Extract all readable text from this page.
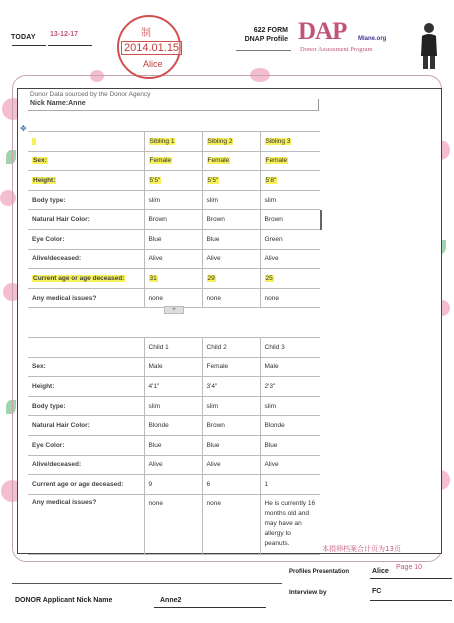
TODAY 13-12-17	制
2014.01.15
Alice
622 FORM
DNAP Profile DAP Mlane.org
Donor Assessment Program
Donor Data sourced by the Donor Agency
Nick Name:Anne
✥
	Sibling 1	Sibling 2	Sibling 3
Sex:	Female	Female	Female
Height:	5'5"	5'5"	5'8"
Body type:	slim	slim	slim
Natural Hair Color:	Brown	Brown	Brown
Eye Color:	Blue	Blue	Green
Alive/deceased:	Alive	Alive	Alive
Current age or age deceased:	31	29	25
Any medical issues?	none	none	none
+
	Child 1	Child 2	Child 3
Sex:	Male	Female	Male
Height:	4'1"	3'4"	2'3"
Body type:	slim	slim	slim
Natural Hair Color:	Blonde	Brown	Blonde
Eye Color:	Blue	Blue	Blue
Alive/deceased:	Alive	Alive	Alive
Current age or age deceased:	9	6	1
Any medical issues?	none	none	He is currently 16 months old and may have an allergy to peanuts.
本捐卵档案合计页为13页
Profiles Presentation	Alice
Page 10
Interview by	FC
DONOR Applicant Nick Name	Anne2
